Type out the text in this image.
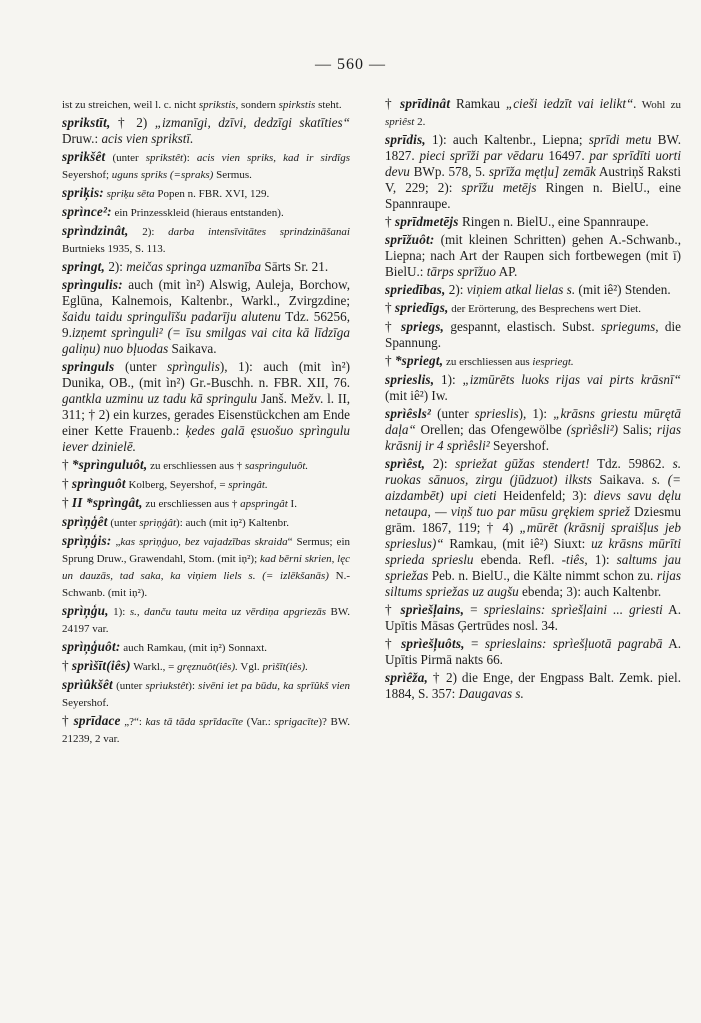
— 560 —

ist zu streichen, weil l. c. nicht sprikstis, sondern spirkstis steht.

sprikstīt, † 2) „izmanīgi, dzīvi, dedzīgi skatīties“ Druw.: acis vien sprikstī.

sprikšêt (unter sprikstêt): acis vien spriks, kad ir sirdīgs Seyershof; uguns spriks (=spraks) Sermus.

spriķis: spriķu sēta Popen n. FBR. XVI, 129.

sprìnce²: ein Prinzesskleid (hieraus entstanden).

sprìndzinât, 2): darba intensīvitātes sprindzināšanai Burtnieks 1935, S. 113.

springt, 2): meičas springa uzmanība Sārts Sr. 21.

sprìngulis: auch (mit ìn²) Alswig, Auleja, Borchow, Eglūna, Kalnemois, Kaltenbr., Warkl., Zvirgzdine; šaidu taidu springulīšu padarīju alutenu Tdz. 56256, 9.izņemt sprìnguli² (= īsu smilgas vai cita kā līdzīga galiņu) nuo bļuodas Saikava.

springuls (unter sprìngulis), 1): auch (mit ìn²) Dunika, OB., (mit ìn²) Gr.-Buschh. n. FBR. XII, 76. gantkla uzminu uz tadu kā springulu Janš. Mežv. l. II, 311; † 2) ein kurzes, gerades Eisenstückchen am Ende einer Kette Frauenb.: ķedes galā ęsuošuo sprìngulu iever dzinielē.

† *sprìnguluôt, zu erschliessen aus † sasprìnguluôt.

† sprìnguôt Kolberg, Seyershof, = sprìngât.

† II *sprìngât, zu erschliessen aus † apsprìngât I.

sprìņģêt (unter sprìņģât): auch (mit iņ²) Kaltenbr.

sprìņģis: „kas sprìņģuo, bez vajadzības skraida“ Sermus; ein Sprung Druw., Grawendahl, Stom. (mit iņ²); kad bērni skrien, lęc un dauzās, tad saka, ka viņiem liels s. (= izlēkšanās) N.-Schwanb. (mit iņ²).

sprìņģu, 1): s., danču tautu meita uz vērdiņa apgriezās BW. 24197 var.

sprìņģuôt: auch Ramkau, (mit iņ²) Sonnaxt.

† sprìšīt(iês) Warkl., = gręznuôt(iês). Vgl. prìšīt(iês).

sprìûkšêt (unter sprìukstêt): sivēni iet pa būdu, ka sprīûkš vien Seyershof.

† sprīdace „?“: kas tā tāda sprīdacīte (Var.: sprigacīte)? BW. 21239, 2 var.

† sprīdinât Ramkau „cieši iedzīt vai ielikt“. Wohl zu sprìêst 2.

sprīdis, 1): auch Kaltenbr., Liepna; sprīdi metu BW. 1827. pieci sprīži par vēdaru 16497. par sprīdīti uorti devu BWp. 578, 5. sprīža mętļu] zemāk Austriņš Raksti V, 229; 2): sprīžu metējs Ringen n. BielU., eine Spannraupe.

† sprīdmetējs Ringen n. BielU., eine Spannraupe.

sprīžuôt: (mit kleinen Schritten) gehen A.-Schwanb., Liepna; nach Art der Raupen sich fortbewegen (mit ī) BielU.: tārps sprīžuo AP.

spriedības, 2): viņiem atkal lielas s. (mit iê²) Stenden.

† spriedīgs, der Erörterung, des Besprechens wert Diet.

† spriegs, gespannt, elastisch. Subst. spriegums, die Spannung.

† *spriegt, zu erschliessen aus iespriegt.

sprieslis, 1): „izmūrēts luoks rijas vai pirts krāsnī“ (mit iê²) Iw.

sprìêsls² (unter sprieslis), 1): „krāsns griestu mūrętā daļa“ Orellen; das Ofengewölbe (sprìêsli²) Salis; rijas krāsnij ir 4 sprìêsli² Seyershof.

sprìêst, 2): spriežat gūžas stendert! Tdz. 59862. s. ruokas sānuos, zirgu (jūdzuot) ilksts Saikava. s. (= aizdambēt) upi cieti Heidenfeld; 3): dievs savu dęlu netaupa, — viņš tuo par mūsu grękiem spriež Dziesmu grām. 1867, 119; † 4) „mūrēt (krāsnij spraišļus jeb sprieslus)“ Ramkau, (mit iê²) Siuxt: uz krāsns mūrīti sprieda sprieslu ebenda. Refl. -tiês, 1): saltums jau spriežas Peb. n. BielU., die Kälte nimmt schon zu. rijas siltums spriežas uz augšu ebenda; 3): auch Kaltenbr.

† sprìešļains, = sprieslains: sprìešļaini ... griesti A. Upītis Māsas Ģertrūdes nosl. 34.

† sprìešļuôts, = sprieslains: sprìešļuotā pagrabā A. Upītis Pirmā nakts 66.

sprìêža, † 2) die Enge, der Engpass Balt. Zemk. piel. 1884, S. 357: Daugavas s.
